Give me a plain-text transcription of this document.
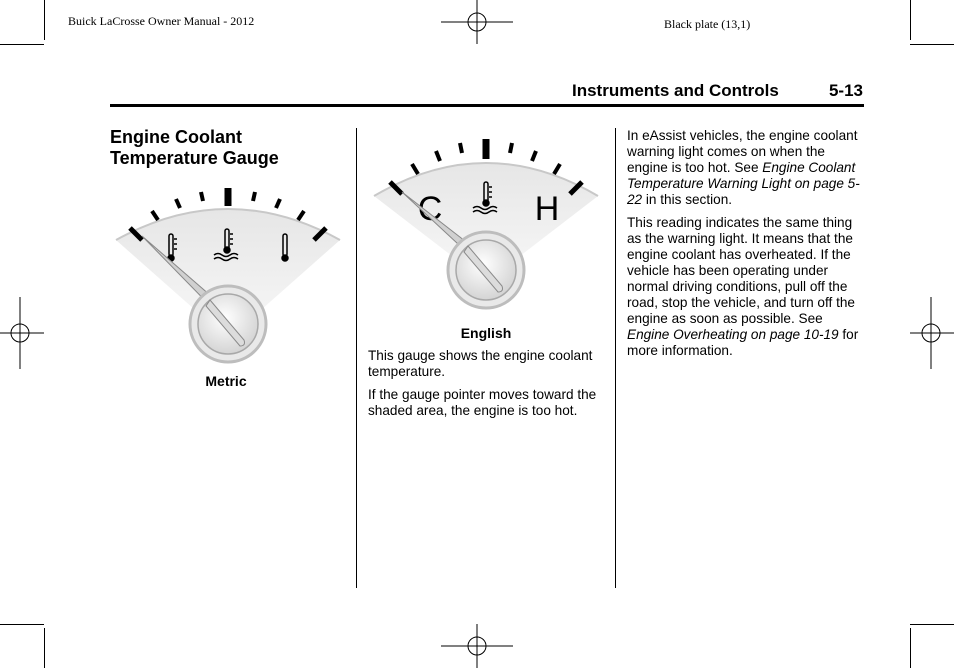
Buick LaCrosse Owner Manual - 2012	Black plate (13,1)
Instruments and Controls	5-13
Engine Coolant
Temperature Gauge
Metric
C	H
English

This gauge shows the engine coolant temperature.

If the gauge pointer moves toward the shaded area, the engine is too hot.

In eAssist vehicles, the engine coolant warning light comes on when the engine is too hot. See Engine Coolant Temperature Warning Light on page 5-22 in this section.

This reading indicates the same thing as the warning light. It means that the engine coolant has overheated. If the vehicle has been operating under normal driving conditions, pull off the road, stop the vehicle, and turn off the engine as soon as possible. See Engine Overheating on page 10-19 for more information.
